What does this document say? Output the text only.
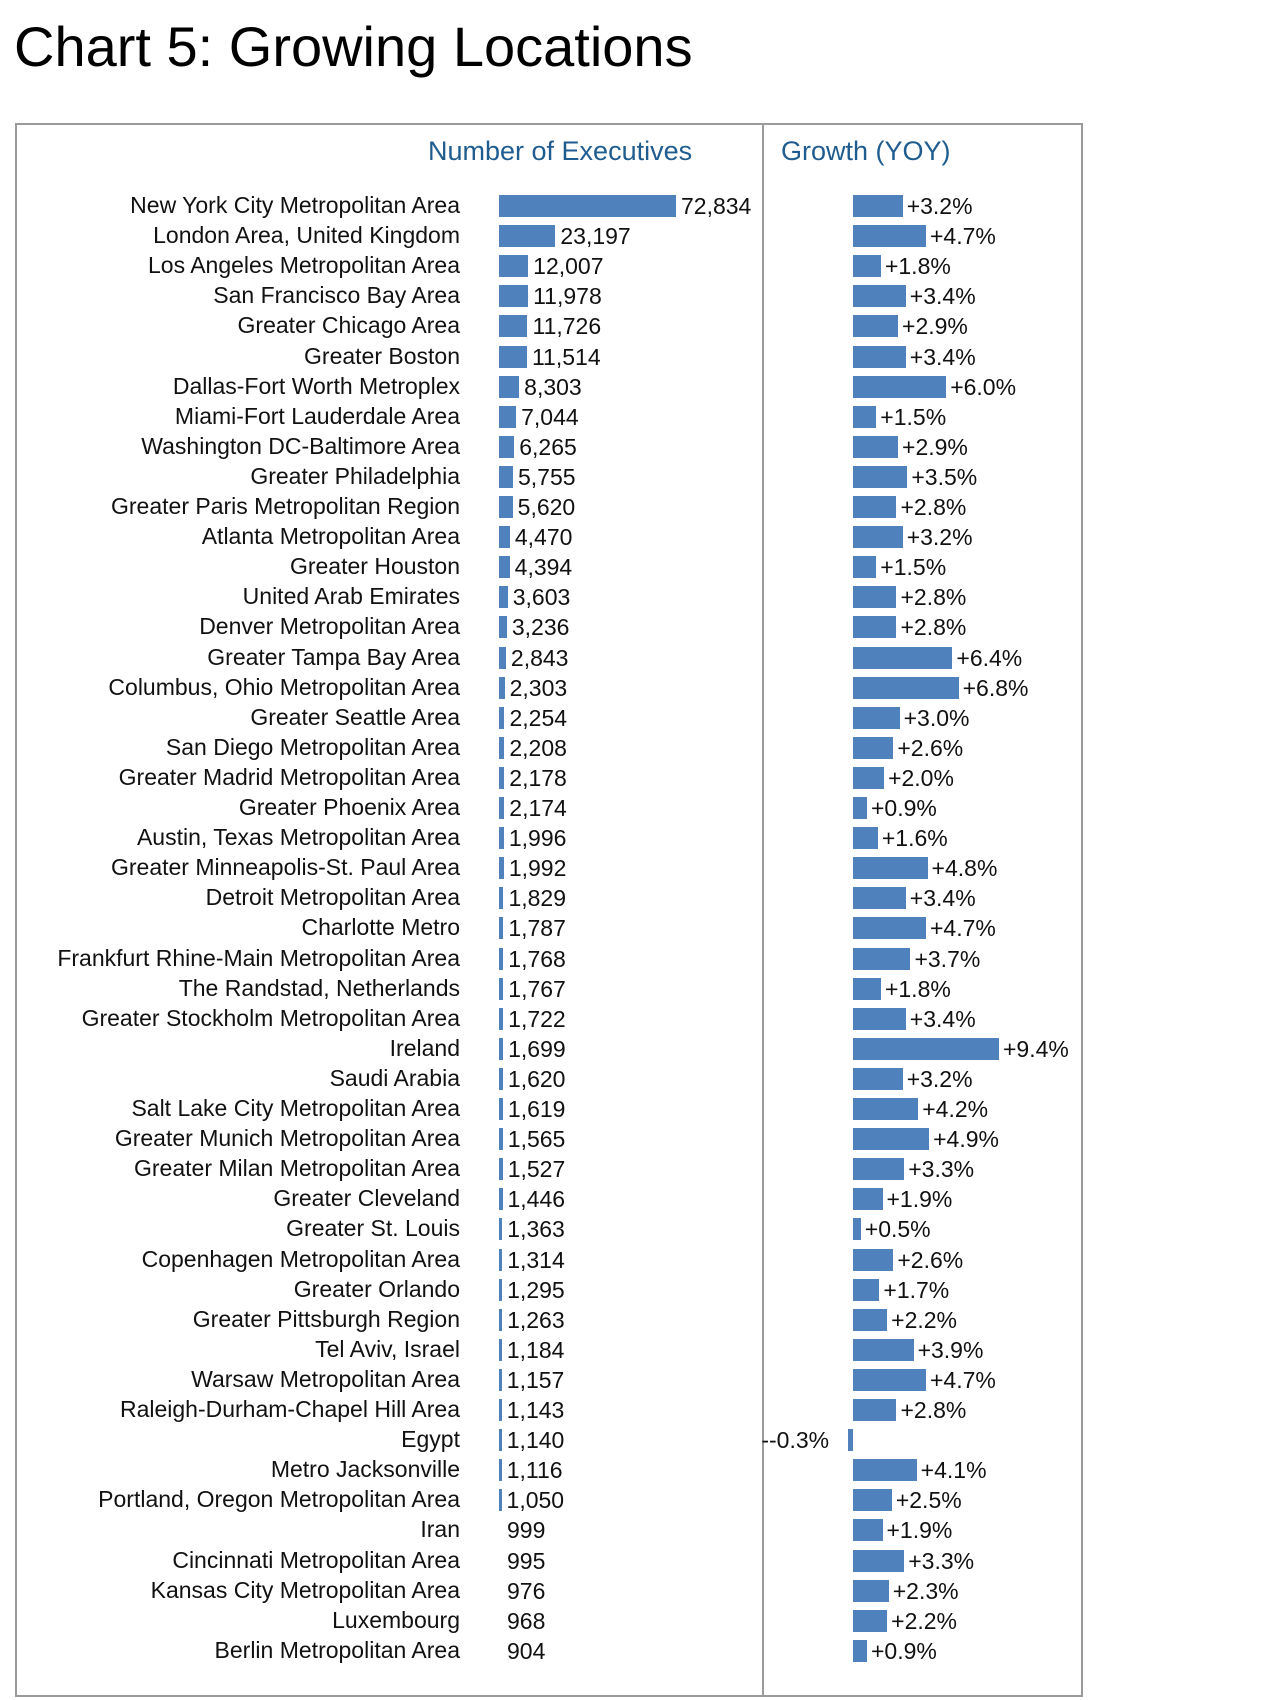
Chart 5: Growing Locations
Number of Executives	Growth (YOY)
New York City Metropolitan Area	72,834	+3.2%
London Area, United Kingdom	23,197	+4.7%
Los Angeles Metropolitan Area	12,007	+1.8%
San Francisco Bay Area	11,978	+3.4%
Greater Chicago Area	11,726	+2.9%
Greater Boston	11,514	+3.4%
Dallas-Fort Worth Metroplex	8,303	+6.0%
Miami-Fort Lauderdale Area	7,044	+1.5%
Washington DC-Baltimore Area	6,265	+2.9%
Greater Philadelphia	5,755	+3.5%
Greater Paris Metropolitan Region	5,620	+2.8%
Atlanta Metropolitan Area 4,470	+3.2%
Greater Houston 4,394	+1.5%
United Arab Emirates 3,603	+2.8%
Denver Metropolitan Area 3,236	+2.8%
Greater Tampa Bay Area 2,843	+6.4%
Columbus, Ohio Metropolitan Area 2,303	+6.8%
Greater Seattle Area 2,254	+3.0%
San Diego Metropolitan Area 2,208	+2.6%
Greater Madrid Metropolitan Area 2,178	+2.0%
Greater Phoenix Area 2,174	+0.9%
Austin, Texas Metropolitan Area 1,996	+1.6%
Greater Minneapolis-St. Paul Area 1,992	+4.8%
Detroit Metropolitan Area 1,829	+3.4%
Charlotte Metro 1,787	+4.7%
Frankfurt Rhine-Main Metropolitan Area 1,768	+3.7%
The Randstad, Netherlands 1,767	+1.8%
Greater Stockholm Metropolitan Area 1,722	+3.4%
Ireland 1,699	+9.4%
Saudi Arabia 1,620	+3.2%
Salt Lake City Metropolitan Area 1,619	+4.2%
Greater Munich Metropolitan Area 1,565	+4.9%
Greater Milan Metropolitan Area 1,527	+3.3%
Greater Cleveland 1,446	+1.9%
Greater St. Louis 1,363	+0.5%
Copenhagen Metropolitan Area 1,314	+2.6%
Greater Orlando 1,295	+1.7%
Greater Pittsburgh Region 1,263	+2.2%
Tel Aviv, Israel 1,184	+3.9%
Warsaw Metropolitan Area 1,157	+4.7%
Raleigh-Durham-Chapel Hill Area 1,143	+2.8%
Egypt 1,140	--0.3%
Metro Jacksonville 1,116	+4.1%
Portland, Oregon Metropolitan Area 1,050	+2.5%
Iran 999	+1.9%
Cincinnati Metropolitan Area 995	+3.3%
Kansas City Metropolitan Area 976	+2.3%
Luxembourg 968	+2.2%
Berlin Metropolitan Area 904	+0.9%
